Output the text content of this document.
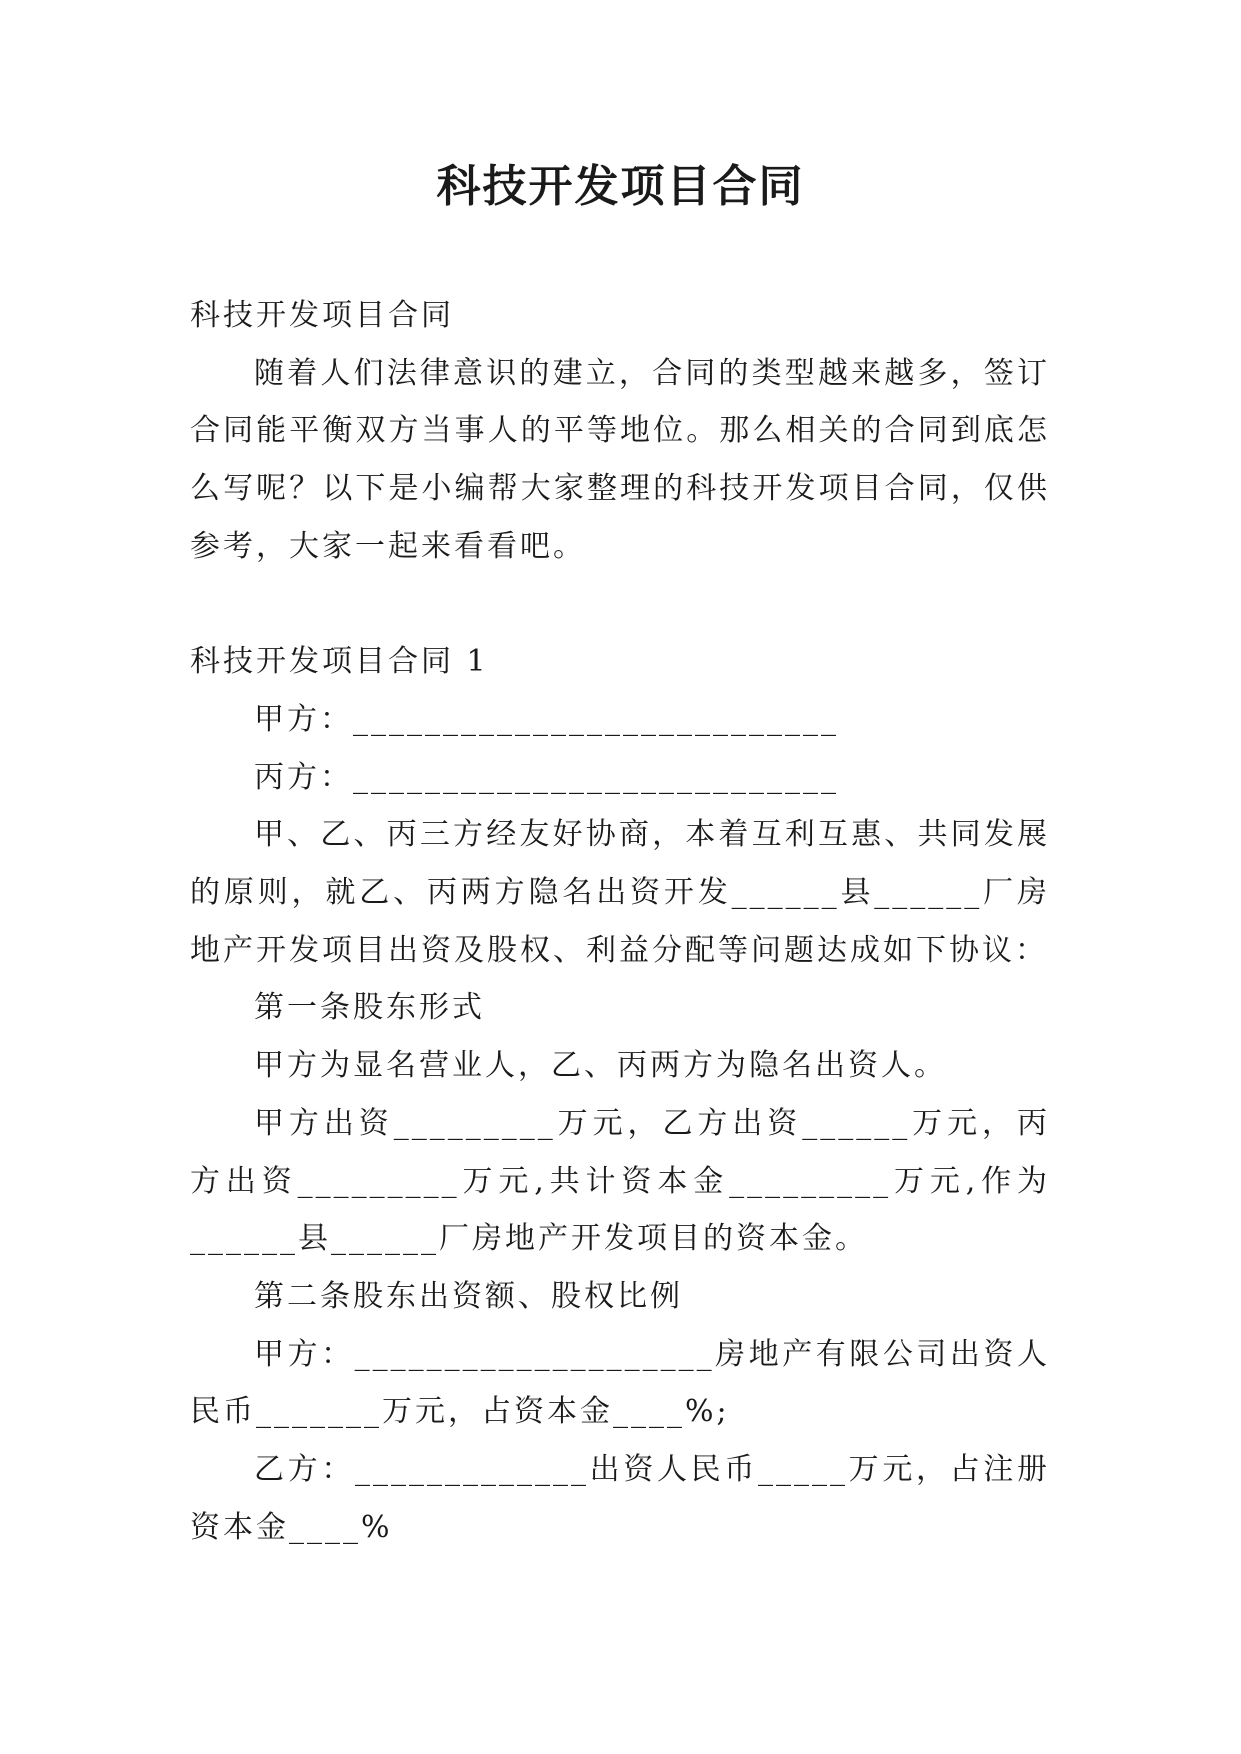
科技开发项目合同

科技开发项目合同

随着人们法律意识的建立，合同的类型越来越多，签订合同能平衡双方当事人的平等地位。那么相关的合同到底怎么写呢？以下是小编帮大家整理的科技开发项目合同，仅供参考，大家一起来看看吧。

科技开发项目合同 1

甲方：___________________________

丙方：___________________________

甲、乙、丙三方经友好协商，本着互利互惠、共同发展的原则，就乙、丙两方隐名出资开发______县______厂房地产开发项目出资及股权、利益分配等问题达成如下协议：

第一条股东形式

甲方为显名营业人，乙、丙两方为隐名出资人。

甲方出资_________万元，乙方出资______万元，丙方出资_________万元,共计资本金_________万元,作为______县______厂房地产开发项目的资本金。

第二条股东出资额、股权比例

甲方：____________________房地产有限公司出资人民币_______万元，占资本金____%;

乙方：_____________出资人民币_____万元，占注册资本金____%
